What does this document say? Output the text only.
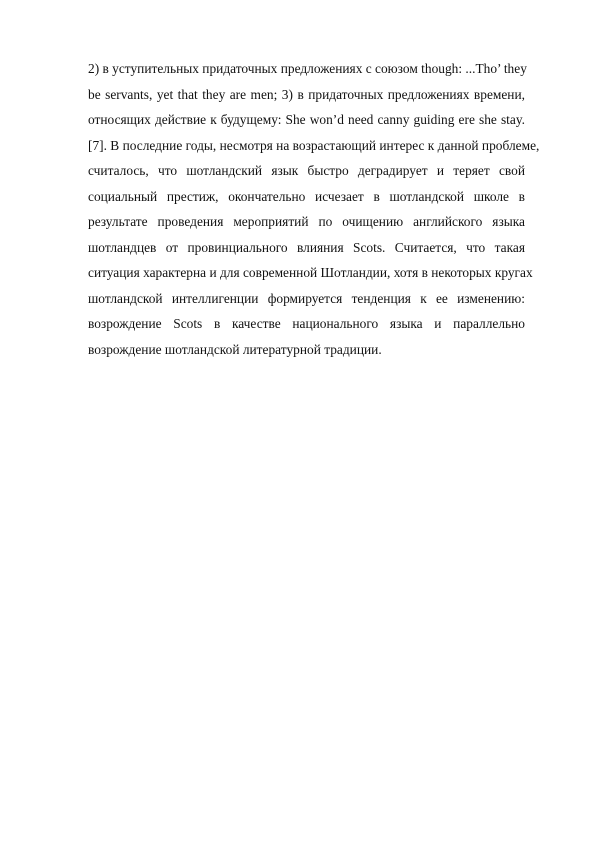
2) в уступительных придаточных предложениях с союзом though: ...Tho’ they
be servants, yet that they are men; 3) в придаточных предложениях времени,
относящих действие к будущему: She won’d need canny guiding ere she stay.
[7]. В последние годы, несмотря на возрастающий интерес к данной проблеме,
считалось, что шотландский язык быстро деградирует и теряет свой
социальный престиж, окончательно исчезает в шотландской школе в
результате проведения мероприятий по очищению английского языка
шотландцев от провинциального влияния Scots. Считается, что такая
ситуация характерна и для современной Шотландии, хотя в некоторых кругах
шотландской интеллигенции формируется тенденция к ее изменению:
возрождение Scots в качестве национального языка и параллельно
возрождение шотландской литературной традиции.
